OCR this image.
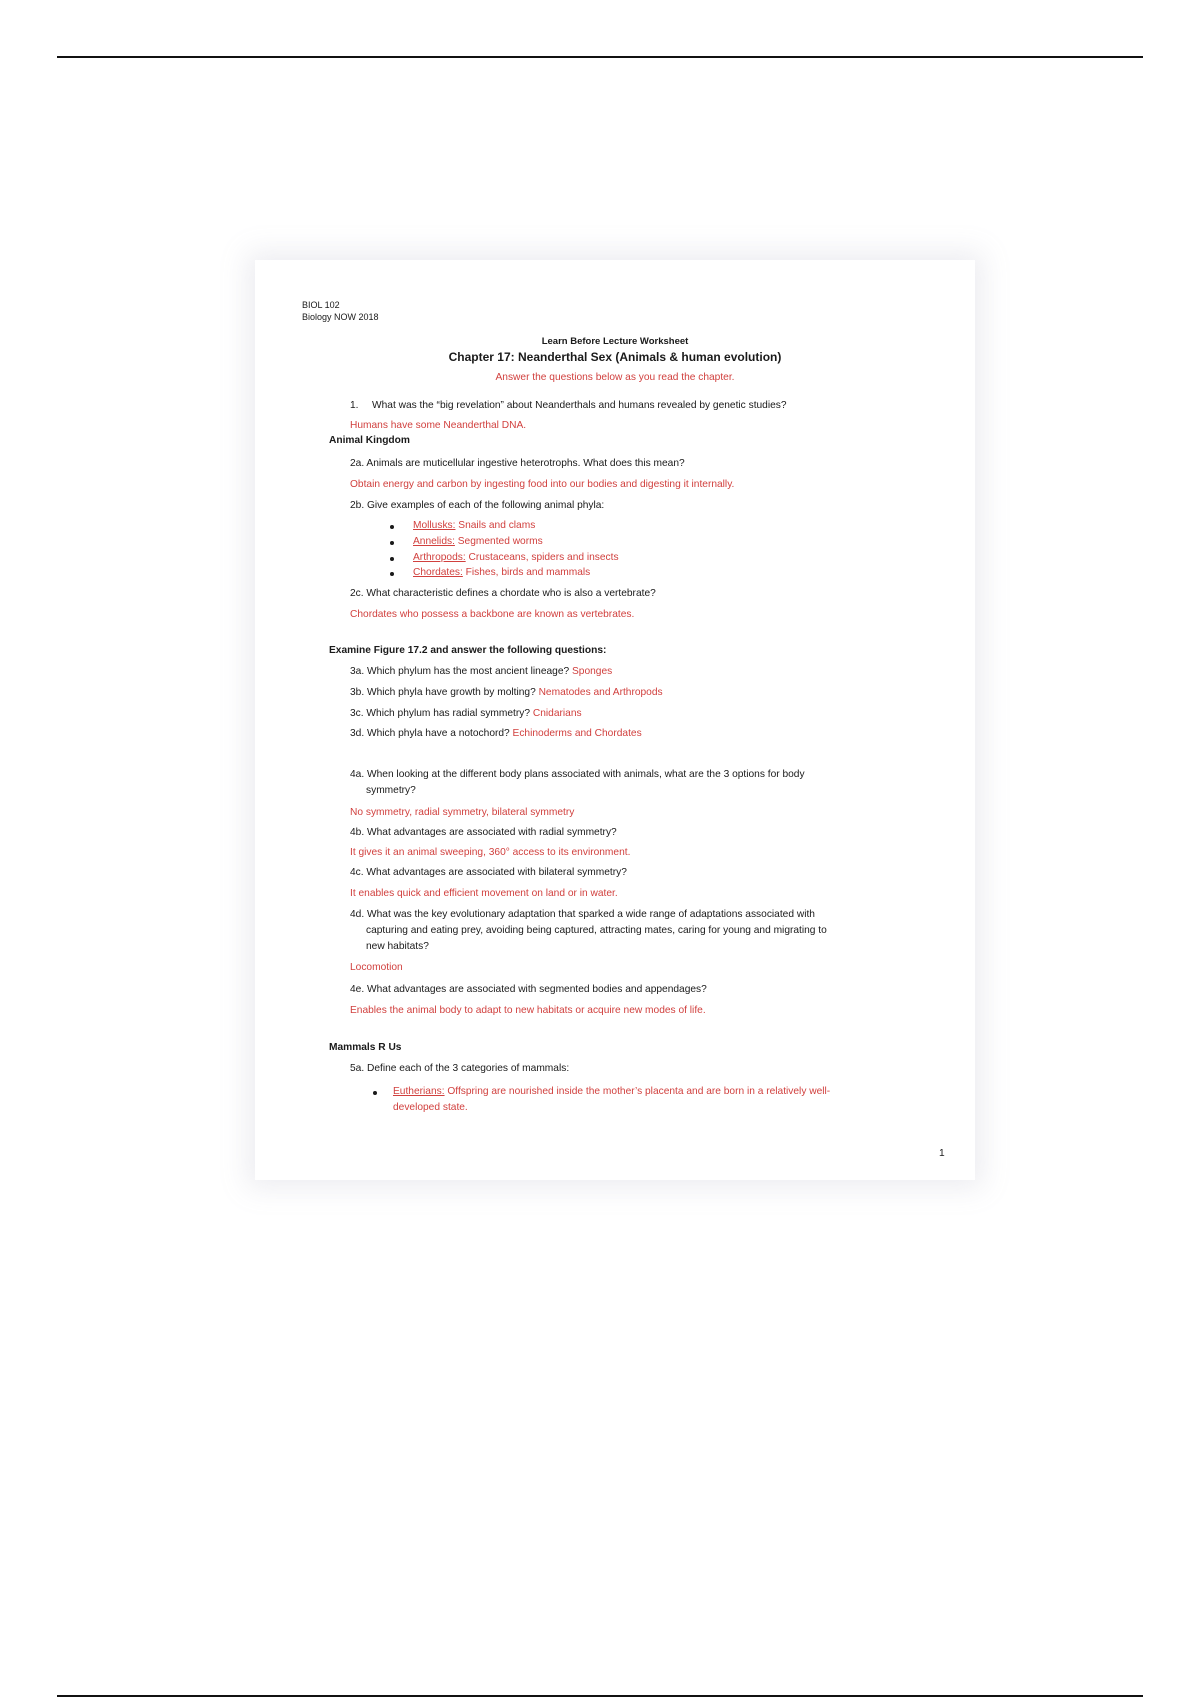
BIOL 102
Biology NOW 2018
Learn Before Lecture Worksheet
Chapter 17: Neanderthal Sex (Animals & human evolution)
Answer the questions below as you read the chapter.
1. What was the “big revelation” about Neanderthals and humans revealed by genetic studies?
Humans have some Neanderthal DNA.
Animal Kingdom
2a. Animals are muticellular ingestive heterotrophs. What does this mean?
Obtain energy and carbon by ingesting food into our bodies and digesting it internally.
2b. Give examples of each of the following animal phyla:
Mollusks: Snails and clams
Annelids: Segmented worms
Arthropods: Crustaceans, spiders and insects
Chordates: Fishes, birds and mammals
2c. What characteristic defines a chordate who is also a vertebrate?
Chordates who possess a backbone are known as vertebrates.
Examine Figure 17.2 and answer the following questions:
3a. Which phylum has the most ancient lineage? Sponges
3b. Which phyla have growth by molting? Nematodes and Arthropods
3c. Which phylum has radial symmetry? Cnidarians
3d. Which phyla have a notochord? Echinoderms and Chordates
4a. When looking at the different body plans associated with animals, what are the 3 options for body
symmetry?
No symmetry, radial symmetry, bilateral symmetry
4b. What advantages are associated with radial symmetry?
It gives it an animal sweeping, 360° access to its environment.
4c. What advantages are associated with bilateral symmetry?
It enables quick and efficient movement on land or in water.
4d. What was the key evolutionary adaptation that sparked a wide range of adaptations associated with
capturing and eating prey, avoiding being captured, attracting mates, caring for young and migrating to
new habitats?
Locomotion
4e. What advantages are associated with segmented bodies and appendages?
Enables the animal body to adapt to new habitats or acquire new modes of life.
Mammals R Us
5a. Define each of the 3 categories of mammals:
Eutherians: Offspring are nourished inside the mother’s placenta and are born in a relatively well-
developed state.
1
